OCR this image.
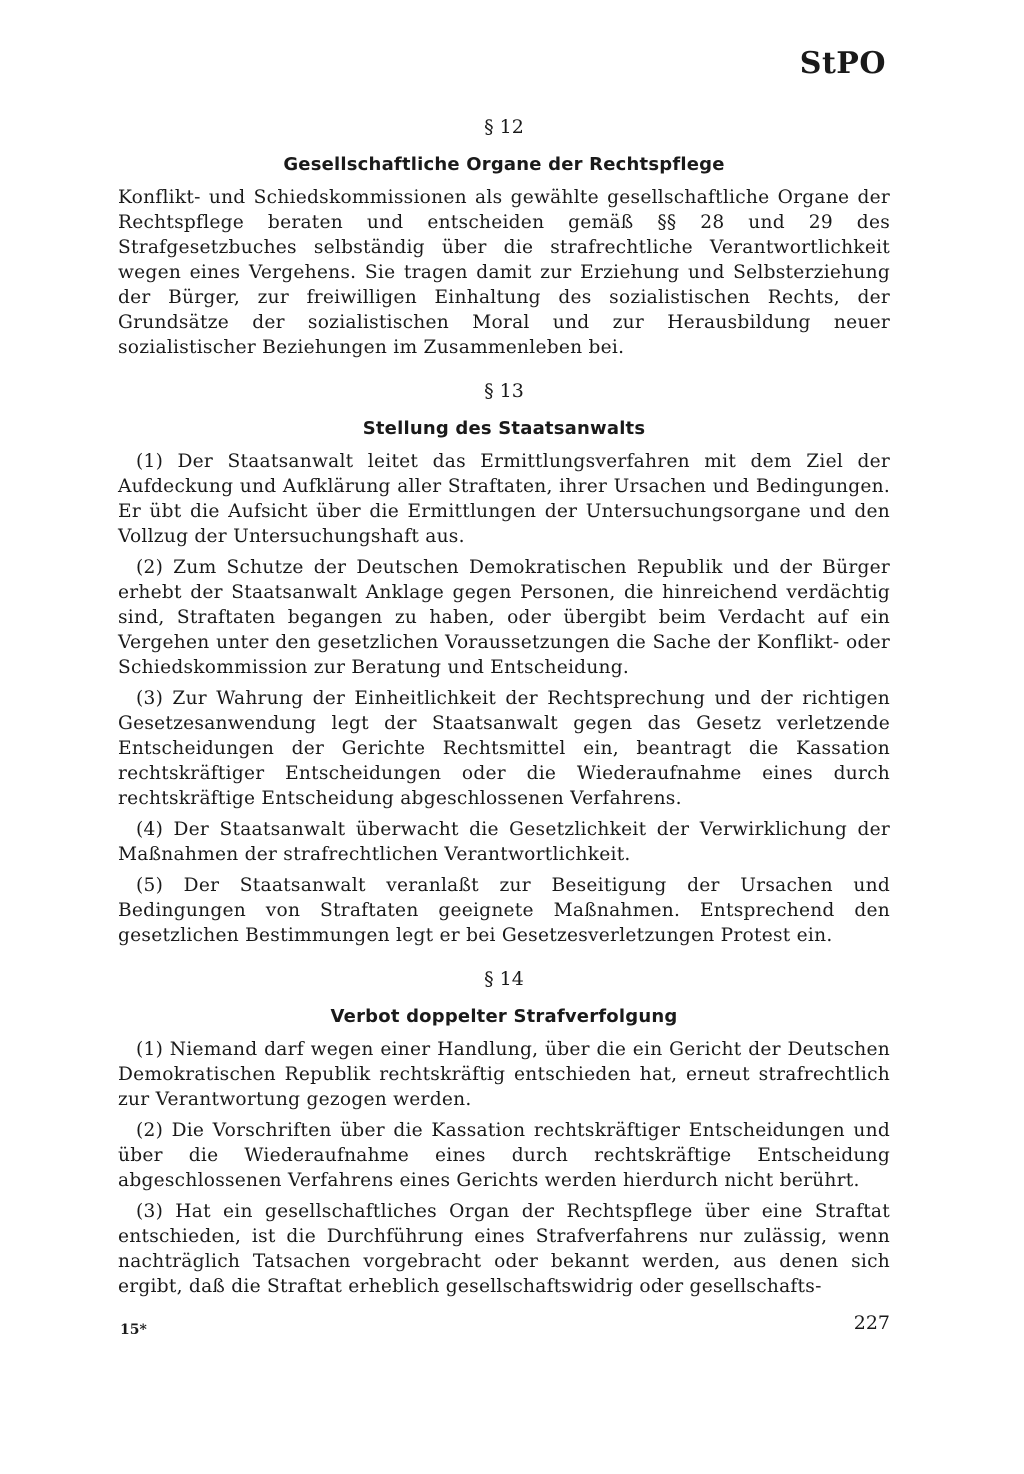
StPO
§ 12
Gesellschaftliche Organe der Rechtspflege

Konflikt- und Schiedskommissionen als gewählte gesellschaftliche Organe der Rechtspflege beraten und entscheiden gemäß §§ 28 und 29 des Strafgesetzbuches selbständig über die strafrechtliche Verantwortlichkeit wegen eines Vergehens. Sie tragen damit zur Erziehung und Selbsterziehung der Bürger, zur freiwilligen Einhaltung des sozialistischen Rechts, der Grundsätze der sozialistischen Moral und zur Herausbildung neuer sozialistischer Beziehungen im Zusammenleben bei.

§ 13
Stellung des Staatsanwalts

(1) Der Staatsanwalt leitet das Ermittlungsverfahren mit dem Ziel der Aufdeckung und Aufklärung aller Straftaten, ihrer Ursachen und Bedingungen. Er übt die Aufsicht über die Ermittlungen der Untersuchungsorgane und den Vollzug der Untersuchungshaft aus.

(2) Zum Schutze der Deutschen Demokratischen Republik und der Bürger erhebt der Staatsanwalt Anklage gegen Personen, die hinreichend verdächtig sind, Straftaten begangen zu haben, oder übergibt beim Verdacht auf ein Vergehen unter den gesetzlichen Voraussetzungen die Sache der Konflikt- oder Schiedskommission zur Beratung und Entscheidung.

(3) Zur Wahrung der Einheitlichkeit der Rechtsprechung und der richtigen Gesetzesanwendung legt der Staatsanwalt gegen das Gesetz verletzende Entscheidungen der Gerichte Rechtsmittel ein, beantragt die Kassation rechtskräftiger Entscheidungen oder die Wiederaufnahme eines durch rechtskräftige Entscheidung abgeschlossenen Verfahrens.

(4) Der Staatsanwalt überwacht die Gesetzlichkeit der Verwirklichung der Maßnahmen der strafrechtlichen Verantwortlichkeit.

(5) Der Staatsanwalt veranlaßt zur Beseitigung der Ursachen und Bedingungen von Straftaten geeignete Maßnahmen. Entsprechend den gesetzlichen Bestimmungen legt er bei Gesetzesverletzungen Protest ein.

§ 14
Verbot doppelter Strafverfolgung

(1) Niemand darf wegen einer Handlung, über die ein Gericht der Deutschen Demokratischen Republik rechtskräftig entschieden hat, erneut strafrechtlich zur Verantwortung gezogen werden.

(2) Die Vorschriften über die Kassation rechtskräftiger Entscheidungen und über die Wiederaufnahme eines durch rechtskräftige Entscheidung abgeschlossenen Verfahrens eines Gerichts werden hierdurch nicht berührt.

(3) Hat ein gesellschaftliches Organ der Rechtspflege über eine Straftat entschieden, ist die Durchführung eines Strafverfahrens nur zulässig, wenn nachträglich Tatsachen vorgebracht oder bekannt werden, aus denen sich ergibt, daß die Straftat erheblich gesellschaftswidrig oder gesellschafts-

15*	227
